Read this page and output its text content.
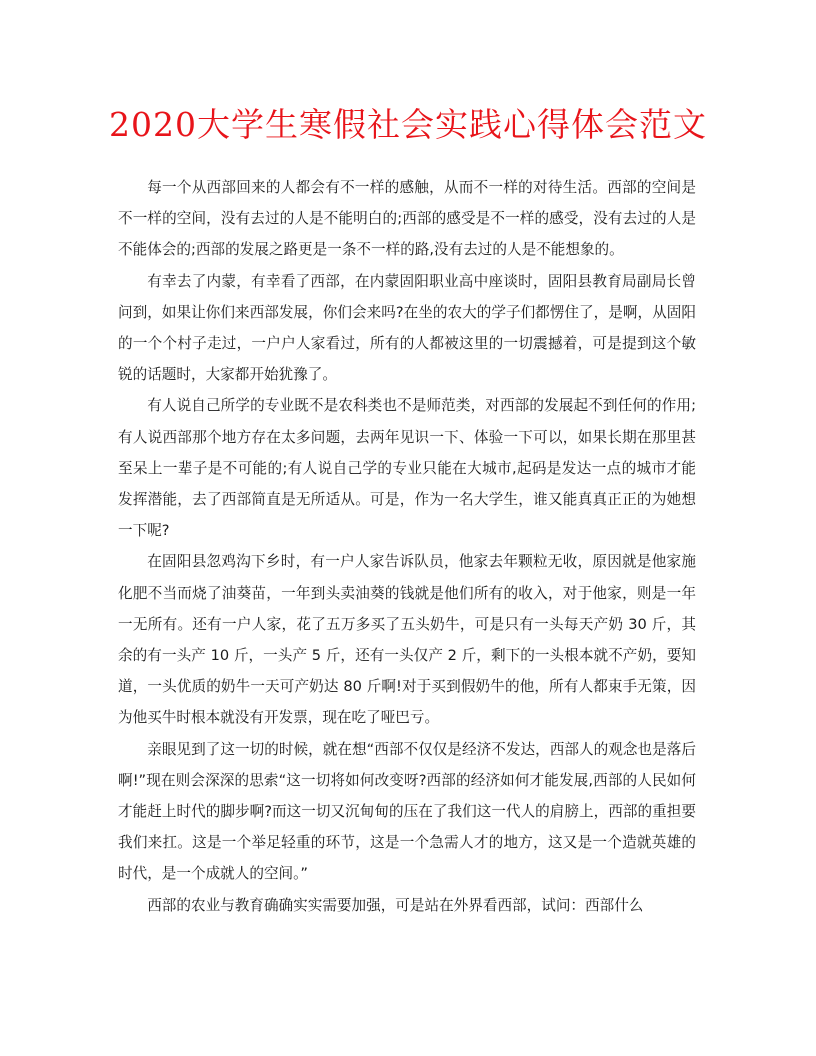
2020大学生寒假社会实践心得体会范文

每一个从西部回来的人都会有不一样的感触，从而不一样的对待生活。西部的空间是不一样的空间，没有去过的人是不能明白的;西部的感受是不一样的感受，没有去过的人是不能体会的;西部的发展之路更是一条不一样的路,没有去过的人是不能想象的。

有幸去了内蒙，有幸看了西部，在内蒙固阳职业高中座谈时，固阳县教育局副局长曾问到，如果让你们来西部发展，你们会来吗?在坐的农大的学子们都愣住了，是啊，从固阳的一个个村子走过，一户户人家看过，所有的人都被这里的一切震撼着，可是提到这个敏锐的话题时，大家都开始犹豫了。

有人说自己所学的专业既不是农科类也不是师范类，对西部的发展起不到任何的作用;有人说西部那个地方存在太多问题，去两年见识一下、体验一下可以，如果长期在那里甚至呆上一辈子是不可能的;有人说自己学的专业只能在大城市,起码是发达一点的城市才能发挥潜能，去了西部简直是无所适从。可是，作为一名大学生，谁又能真真正正的为她想一下呢?

在固阳县忽鸡沟下乡时，有一户人家告诉队员，他家去年颗粒无收，原因就是他家施化肥不当而烧了油葵苗，一年到头卖油葵的钱就是他们所有的收入，对于他家，则是一年一无所有。还有一户人家，花了五万多买了五头奶牛，可是只有一头每天产奶 30 斤，其余的有一头产 10 斤，一头产 5 斤，还有一头仅产 2 斤，剩下的一头根本就不产奶，要知道，一头优质的奶牛一天可产奶达 80 斤啊!对于买到假奶牛的他，所有人都束手无策，因为他买牛时根本就没有开发票，现在吃了哑巴亏。

亲眼见到了这一切的时候，就在想“西部不仅仅是经济不发达，西部人的观念也是落后啊!”现在则会深深的思索“这一切将如何改变呀?西部的经济如何才能发展,西部的人民如何才能赶上时代的脚步啊?而这一切又沉甸甸的压在了我们这一代人的肩膀上，西部的重担要我们来扛。这是一个举足轻重的环节，这是一个急需人才的地方，这又是一个造就英雄的时代，是一个成就人的空间。”

西部的农业与教育确确实实需要加强，可是站在外界看西部，试问：西部什么
